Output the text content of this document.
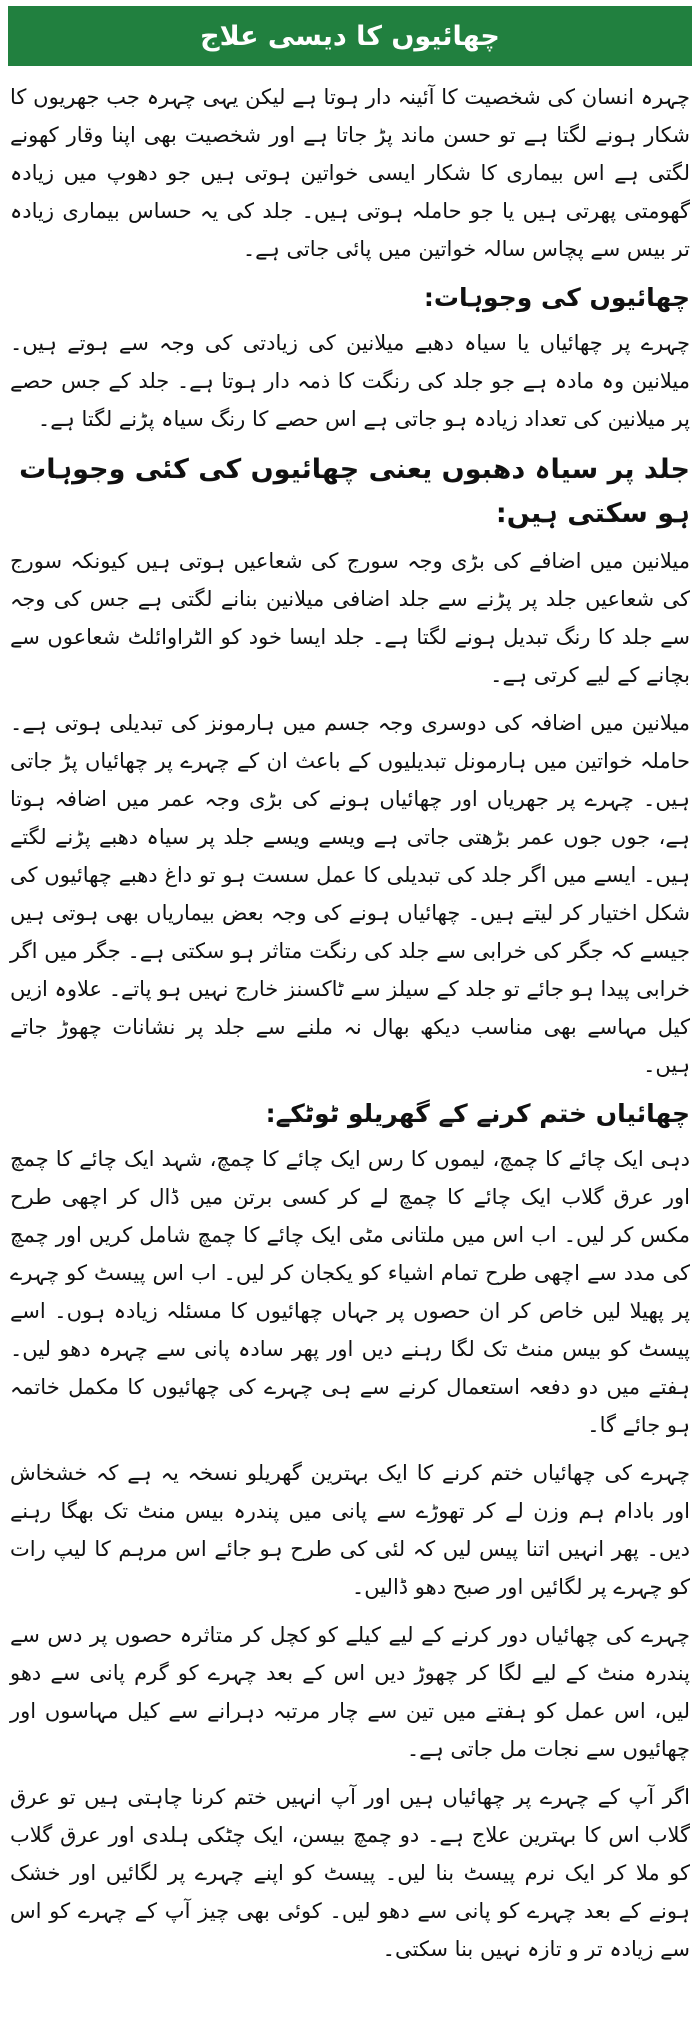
چھائیوں کا دیسی علاج

چہرہ انسان کی شخصیت کا آئینہ دار ہوتا ہے لیکن یہی چہرہ جب جھریوں کا شکار ہونے لگتا ہے تو حسن ماند پڑ جاتا ہے اور شخصیت بھی اپنا وقار کھونے لگتی ہے اس بیماری کا شکار ایسی خواتین ہوتی ہیں جو دھوپ میں زیادہ گھومتی پھرتی ہیں یا جو حاملہ ہوتی ہیں۔ جلد کی یہ حساس بیماری زیادہ تر بیس سے پچاس سالہ خواتین میں پائی جاتی ہے۔

چھائیوں کی وجوہات:

چہرے پر چھائیاں یا سیاہ دھبے میلانین کی زیادتی کی وجہ سے ہوتے ہیں۔ میلانین وہ مادہ ہے جو جلد کی رنگت کا ذمہ دار ہوتا ہے۔ جلد کے جس حصے پر میلانین کی تعداد زیادہ ہو جاتی ہے اس حصے کا رنگ سیاہ پڑنے لگتا ہے۔

جلد پر سیاہ دھبوں یعنی چھائیوں کی کئی وجوہات ہو سکتی ہیں:

میلانین میں اضافے کی بڑی وجہ سورج کی شعاعیں ہوتی ہیں کیونکہ سورج کی شعاعیں جلد پر پڑنے سے جلد اضافی میلانین بنانے لگتی ہے جس کی وجہ سے جلد کا رنگ تبدیل ہونے لگتا ہے۔ جلد ایسا خود کو الٹراوائلٹ شعاعوں سے بچانے کے لیے کرتی ہے۔

میلانین میں اضافہ کی دوسری وجہ جسم میں ہارمونز کی تبدیلی ہوتی ہے۔ حاملہ خواتین میں ہارمونل تبدیلیوں کے باعث ان کے چہرے پر چھائیاں پڑ جاتی ہیں۔ چہرے پر جھریاں اور چھائیاں ہونے کی بڑی وجہ عمر میں اضافہ ہوتا ہے، جوں جوں عمر بڑھتی جاتی ہے ویسے ویسے جلد پر سیاہ دھبے پڑنے لگتے ہیں۔ ایسے میں اگر جلد کی تبدیلی کا عمل سست ہو تو داغ دھبے چھائیوں کی شکل اختیار کر لیتے ہیں۔ چھائیاں ہونے کی وجہ بعض بیماریاں بھی ہوتی ہیں جیسے کہ جگر کی خرابی سے جلد کی رنگت متاثر ہو سکتی ہے۔ جگر میں اگر خرابی پیدا ہو جائے تو جلد کے سیلز سے ٹاکسنز خارج نہیں ہو پاتے۔ علاوہ ازیں کیل مہاسے بھی مناسب دیکھ بھال نہ ملنے سے جلد پر نشانات چھوڑ جاتے ہیں۔

چھائیاں ختم کرنے کے گھریلو ٹوٹکے:

دہی ایک چائے کا چمچ، لیموں کا رس ایک چائے کا چمچ، شہد ایک چائے کا چمچ اور عرق گلاب ایک چائے کا چمچ لے کر کسی برتن میں ڈال کر اچھی طرح مکس کر لیں۔ اب اس میں ملتانی مٹی ایک چائے کا چمچ شامل کریں اور چمچ کی مدد سے اچھی طرح تمام اشیاء کو یکجان کر لیں۔ اب اس پیسٹ کو چہرے پر پھیلا لیں خاص کر ان حصوں پر جہاں چھائیوں کا مسئلہ زیادہ ہوں۔ اسے پیسٹ کو بیس منٹ تک لگا رہنے دیں اور پھر سادہ پانی سے چہرہ دھو لیں۔ ہفتے میں دو دفعہ استعمال کرنے سے ہی چہرے کی چھائیوں کا مکمل خاتمہ ہو جائے گا۔

چہرے کی چھائیاں ختم کرنے کا ایک بہترین گھریلو نسخہ یہ ہے کہ خشخاش اور بادام ہم وزن لے کر تھوڑے سے پانی میں پندرہ بیس منٹ تک بھگا رہنے دیں۔ پھر انہیں اتنا پیس لیں کہ لئی کی طرح ہو جائے اس مرہم کا لیپ رات کو چہرے پر لگائیں اور صبح دھو ڈالیں۔

چہرے کی چھائیاں دور کرنے کے لیے کیلے کو کچل کر متاثرہ حصوں پر دس سے پندرہ منٹ کے لیے لگا کر چھوڑ دیں اس کے بعد چہرے کو گرم پانی سے دھو لیں، اس عمل کو ہفتے میں تین سے چار مرتبہ دہرانے سے کیل مہاسوں اور چھائیوں سے نجات مل جاتی ہے۔

اگر آپ کے چہرے پر چھائیاں ہیں اور آپ انہیں ختم کرنا چاہتی ہیں تو عرق گلاب اس کا بہترین علاج ہے۔ دو چمچ بیسن، ایک چٹکی ہلدی اور عرق گلاب کو ملا کر ایک نرم پیسٹ بنا لیں۔ پیسٹ کو اپنے چہرے پر لگائیں اور خشک ہونے کے بعد چہرے کو پانی سے دھو لیں۔ کوئی بھی چیز آپ کے چہرے کو اس سے زیادہ تر و تازہ نہیں بنا سکتی۔
